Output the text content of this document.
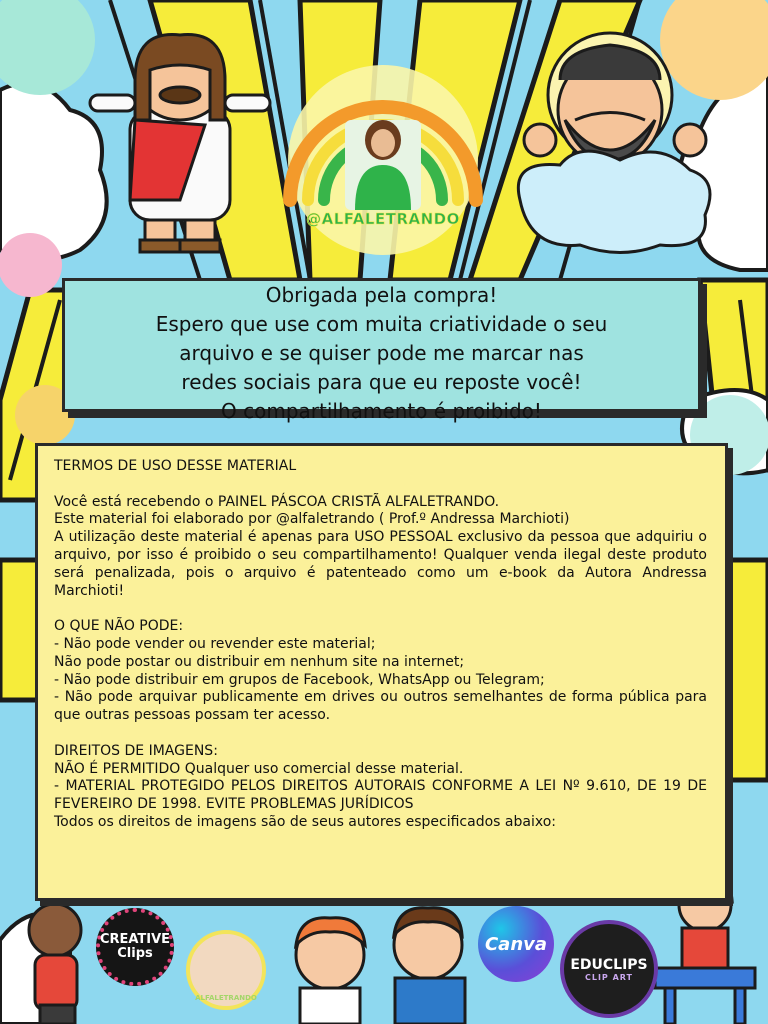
@ALFALETRANDO
Obrigada pela compra!
Espero que use com muita criatividade o seu
arquivo e se quiser pode me marcar nas
redes sociais para que eu reposte você!
O compartilhamento é proibido!

TERMOS DE USO DESSE MATERIAL

Você está recebendo o PAINEL PÁSCOA CRISTÃ ALFALETRANDO.

Este material foi elaborado por @alfaletrando ( Prof.º Andressa Marchioti)

A utilização deste material é apenas para USO PESSOAL exclusivo da pessoa que adquiriu o arquivo, por isso é proibido o seu compartilhamento! Qualquer venda ilegal deste produto será penalizada, pois o arquivo é patenteado como um e-book da Autora Andressa Marchioti!

O QUE NÃO PODE:

- Não pode vender ou revender este material;

Não pode postar ou distribuir em nenhum site na internet;

- Não pode distribuir em grupos de Facebook, WhatsApp ou Telegram;

- Não pode arquivar publicamente em drives ou outros semelhantes de forma pública para que outras pessoas possam ter acesso.

DIREITOS DE IMAGENS:

NÃO É PERMITIDO Qualquer uso comercial desse material.

- MATERIAL PROTEGIDO PELOS DIREITOS AUTORAIS CONFORME A LEI Nº 9.610, DE 19 DE FEVEREIRO DE 1998. EVITE PROBLEMAS JURÍDICOS

Todos os direitos de imagens são de seus autores especificados abaixo:

CREATIVE Clips
ALFALETRANDO
Canva
EDUCLIPS
CLIP ART
